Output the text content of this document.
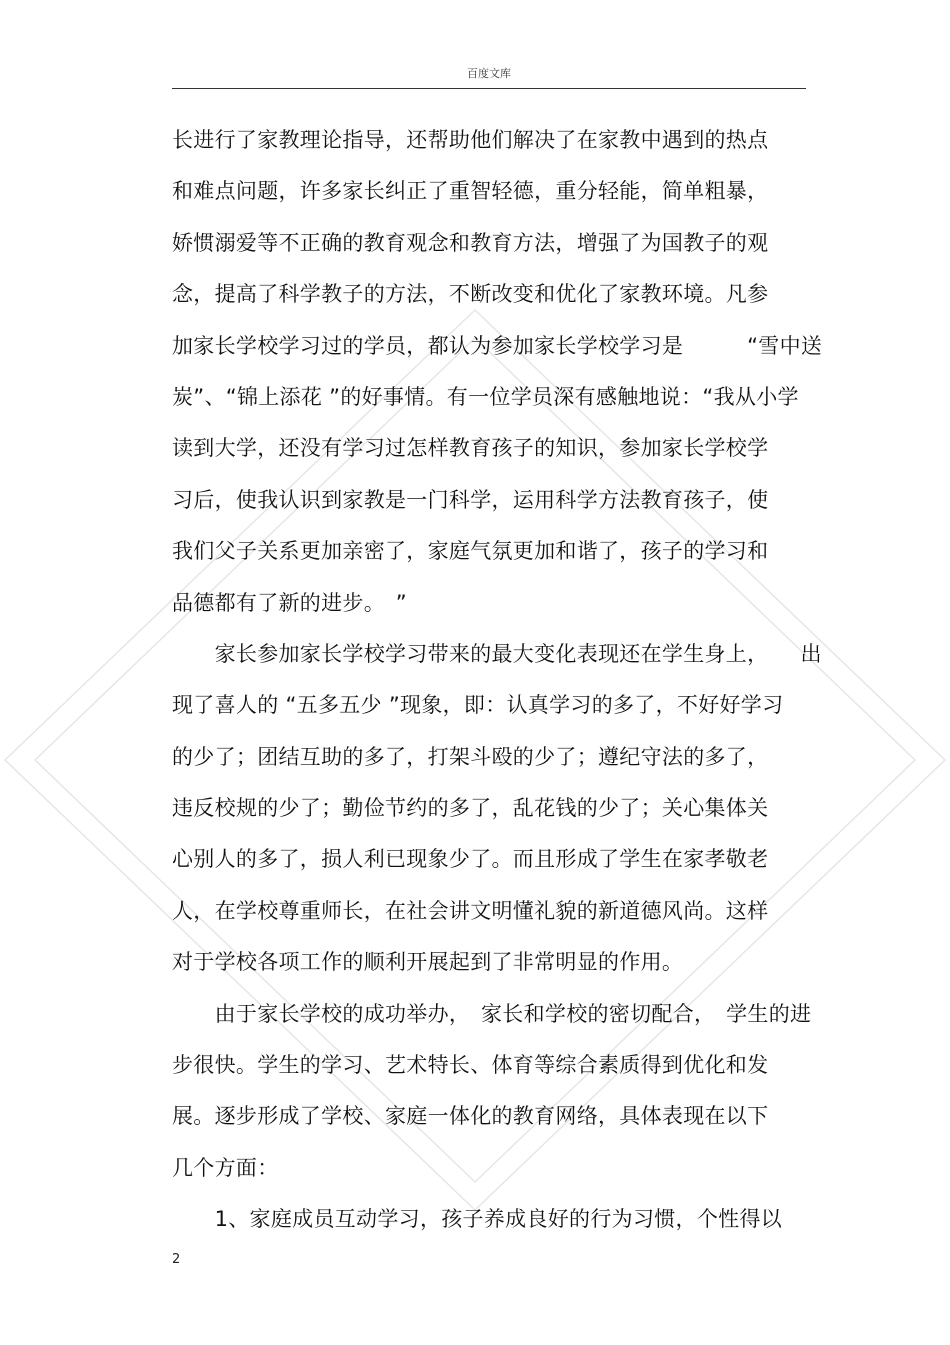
百度文库
长进行了家教理论指导，还帮助他们解决了在家教中遇到的热点
和难点问题，许多家长纠正了重智轻德，重分轻能，简单粗暴，
娇惯溺爱等不正确的教育观念和教育方法，增强了为国教子的观
念，提高了科学教子的方法，不断改变和优化了家教环境。凡参
加家长学校学习过的学员，都认为参加家长学校学习是　　　“雪中送
炭”、“锦上添花 ”的好事情。有一位学员深有感触地说：“我从小学
读到大学，还没有学习过怎样教育孩子的知识，参加家长学校学
习后，使我认识到家教是一门科学，运用科学方法教育孩子，使
我们父子关系更加亲密了，家庭气氛更加和谐了，孩子的学习和
品德都有了新的进步。　”
　　家长参加家长学校学习带来的最大变化表现还在学生身上，　　出
现了喜人的 “五多五少 ”现象，即：认真学习的多了，不好好学习
的少了；团结互助的多了，打架斗殴的少了；遵纪守法的多了，
违反校规的少了；勤俭节约的多了，乱花钱的少了；关心集体关
心别人的多了，损人利已现象少了。而且形成了学生在家孝敬老
人，在学校尊重师长，在社会讲文明懂礼貌的新道德风尚。这样
对于学校各项工作的顺利开展起到了非常明显的作用。
　　由于家长学校的成功举办，　家长和学校的密切配合，　学生的进
步很快。学生的学习、艺术特长、体育等综合素质得到优化和发
展。逐步形成了学校、家庭一体化的教育网络，具体表现在以下
几个方面：
　　1、家庭成员互动学习，孩子养成良好的行为习惯，个性得以
2
